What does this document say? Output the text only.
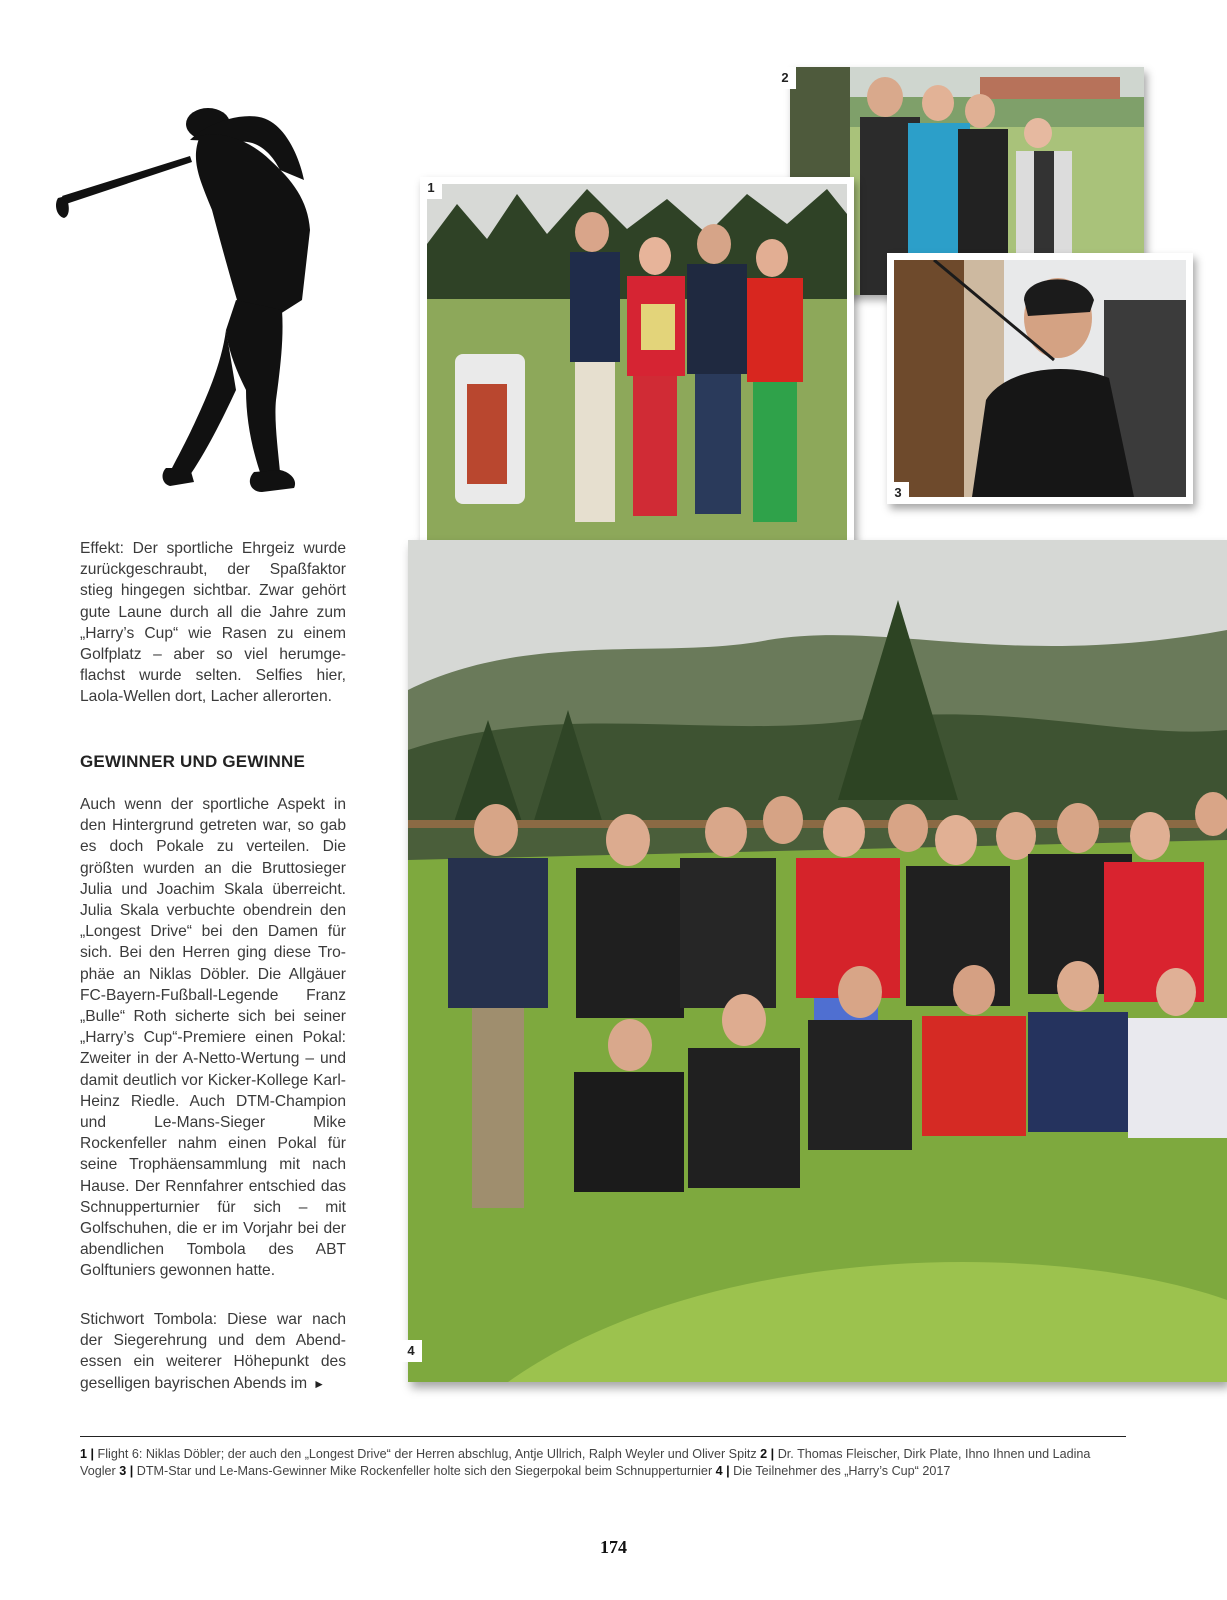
Effekt: Der sportliche Ehrgeiz wurde zurückgeschraubt, der Spaßfaktor stieg hingegen sichtbar. Zwar gehört gute Laune durch all die Jahre zum „Harry’s Cup“ wie Rasen zu einem Golfplatz – aber so viel herumgeflachst wurde selten. Selfies hier, Laola-Wellen dort, Lacher allerorten.

GEWINNER UND GEWINNE

Auch wenn der sportliche Aspekt in den Hintergrund getreten war, so gab es doch Pokale zu verteilen. Die größten wurden an die Bruttosieger Julia und Joachim Skala überreicht. Julia Skala verbuchte obendrein den „Longest Drive“ bei den Damen für sich. Bei den Herren ging diese Trophäe an Niklas Döbler. Die Allgäuer FC-Bayern-Fußball-Legende Franz „Bulle“ Roth sicherte sich bei seiner „Harry’s Cup“-Premiere einen Pokal: Zweiter in der A-Netto-Wertung – und damit deutlich vor Kicker-Kollege Karl-Heinz Riedle. Auch DTM-Champion und Le-Mans-Sieger Mike Rockenfeller nahm einen Pokal für seine Trophäensammlung mit nach Hause. Der Rennfahrer entschied das Schnupperturnier für sich – mit Golfschuhen, die er im Vorjahr bei der abendlichen Tombola des ABT Golftuniers gewonnen hatte.

Stichwort Tombola: Diese war nach der Siegerehrung und dem Abendessen ein weiterer Höhepunkt des geselligen bayrischen Abends im ►

2
1
3
4
1 | Flight 6: Niklas Döbler; der auch den „Longest Drive“ der Herren abschlug, Antje Ullrich, Ralph Weyler und Oliver Spitz 2 | Dr. Thomas Fleischer, Dirk Plate, Ihno Ihnen und Ladina Vogler 3 | DTM-Star und Le-Mans-Gewinner Mike Rockenfeller holte sich den Siegerpokal beim Schnupperturnier 4 | Die Teilnehmer des „Harry’s Cup“ 2017
174
